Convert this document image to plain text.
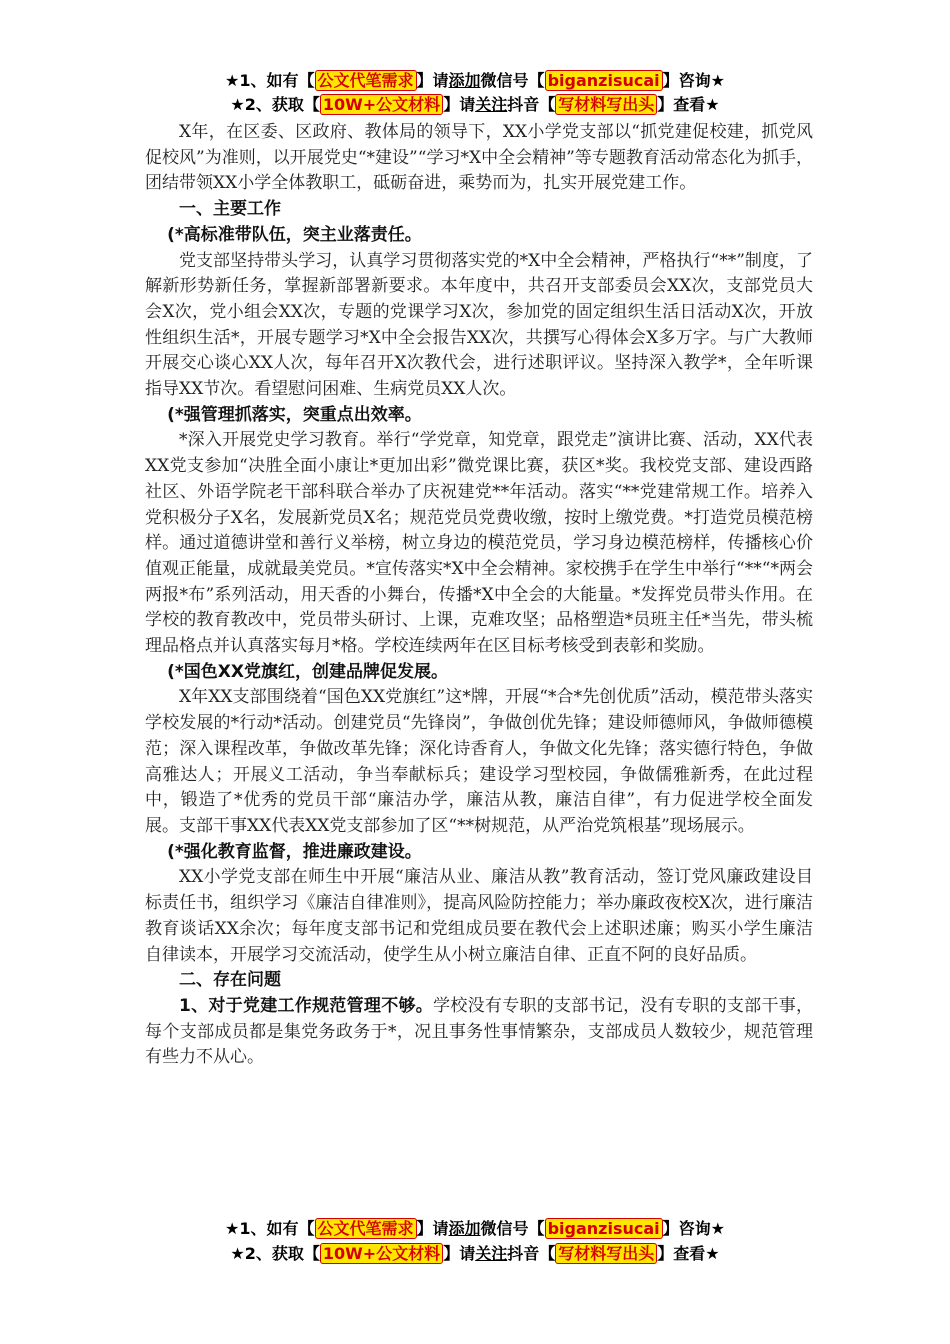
★1、如有【 公文代笔需求 】请添加微信号【 biganzisucai 】咨询★
★2、获取【 10W+公文材料 】请关注抖音【 写材料写出头 】查看★

X年，在区委、区政府、教体局的领导下，XX小学党支部以“抓党建促校建，抓党风促校风”为准则，以开展党史“*建设”“学习*X中全会精神”等专题教育活动常态化为抓手，团结带领XX小学全体教职工，砥砺奋进，乘势而为，扎实开展党建工作。

一、主要工作

(*高标准带队伍，突主业落责任。

党支部坚持带头学习，认真学习贯彻落实党的*X中全会精神，严格执行“**”制度，了解新形势新任务，掌握新部署新要求。本年度中，共召开支部委员会XX次，支部党员大会X次，党小组会XX次，专题的党课学习X次，参加党的固定组织生活日活动X次，开放性组织生活*，开展专题学习*X中全会报告XX次，共撰写心得体会X多万字。与广大教师开展交心谈心XX人次，每年召开X次教代会，进行述职评议。坚持深入教学*，全年听课指导XX节次。看望慰问困难、生病党员XX人次。

(*强管理抓落实，突重点出效率。

*深入开展党史学习教育。举行“学党章，知党章，跟党走”演讲比赛、活动，XX代表XX党支参加“决胜全面小康让*更加出彩”微党课比赛，获区*奖。我校党支部、建设西路社区、外语学院老干部科联合举办了庆祝建党**年活动。落实“**党建常规工作。培养入党积极分子X名，发展新党员X名；规范党员党费收缴，按时上缴党费。*打造党员模范榜样。通过道德讲堂和善行义举榜，树立身边的模范党员，学习身边模范榜样，传播核心价值观正能量，成就最美党员。*宣传落实*X中全会精神。家校携手在学生中举行“**“*两会两报*布”系列活动，用天香的小舞台，传播*X中全会的大能量。*发挥党员带头作用。在学校的教育教改中，党员带头研讨、上课，克难攻坚；品格塑造*员班主任*当先，带头梳理品格点并认真落实每月*格。学校连续两年在区目标考核受到表彰和奖励。

(*国色XX党旗红，创建品牌促发展。

X年XX支部围绕着“国色XX党旗红”这*牌，开展“*合*先创优质”活动，模范带头落实学校发展的*行动*活动。创建党员“先锋岗”，争做创优先锋；建设师德师风，争做师德模范；深入课程改革，争做改革先锋；深化诗香育人，争做文化先锋；落实德行特色，争做高雅达人；开展义工活动，争当奉献标兵；建设学习型校园，争做儒雅新秀，在此过程中，锻造了*优秀的党员干部“廉洁办学，廉洁从教，廉洁自律”，有力促进学校全面发展。支部干事XX代表XX党支部参加了区“**树规范，从严治党筑根基”现场展示。

(*强化教育监督，推进廉政建设。

XX小学党支部在师生中开展“廉洁从业、廉洁从教”教育活动，签订党风廉政建设目标责任书，组织学习《廉洁自律准则》，提高风险防控能力；举办廉政夜校X次，进行廉洁教育谈话XX余次；每年度支部书记和党组成员要在教代会上述职述廉；购买小学生廉洁自律读本，开展学习交流活动，使学生从小树立廉洁自律、正直不阿的良好品质。

二、存在问题

1、对于党建工作规范管理不够。学校没有专职的支部书记，没有专职的支部干事，每个支部成员都是集党务政务于*，况且事务性事情繁杂，支部成员人数较少，规范管理有些力不从心。

★1、如有【 公文代笔需求 】请添加微信号【 biganzisucai 】咨询★
★2、获取【 10W+公文材料 】请关注抖音【 写材料写出头 】查看★
